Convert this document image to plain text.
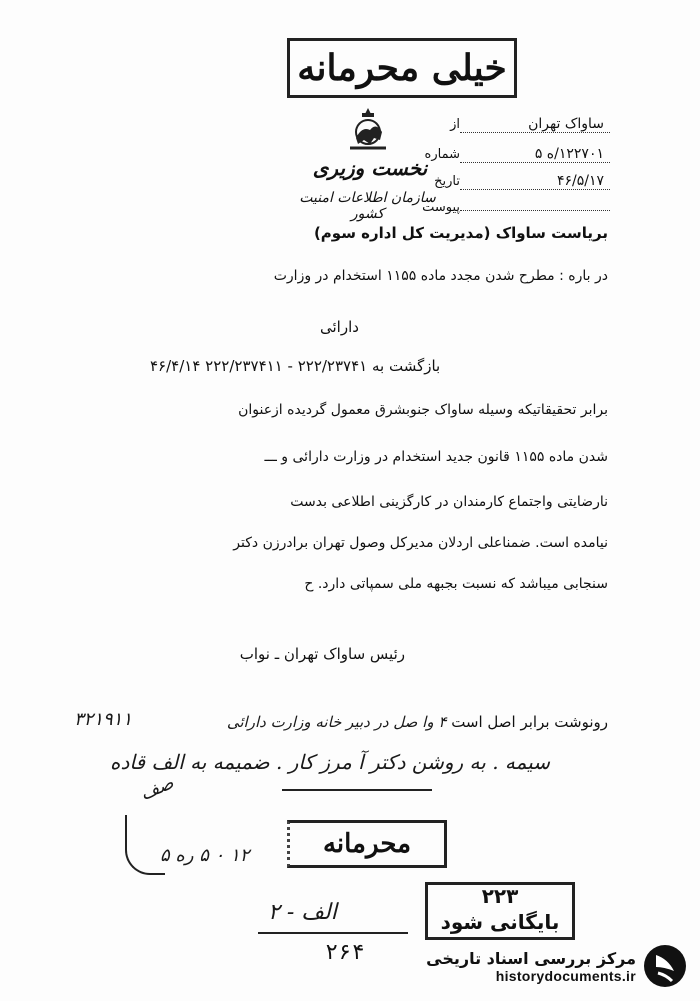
خیلی محرمانه
نخست وزیری
سازمان اطلاعات امنیت کشور
از	ساواک تهران
شماره	۱۲۲۷۰۱/ه ۵
تاریخ	۴۶/۵/۱۷
پیوست
بریاست ساواک (مدیریت کل اداره سوم)
در باره : مطرح شدن مجدد ماده ۱۱۵۵ استخدام در وزارت
دارائی
بازگشت به ۲۲۲/۲۳۷۴۱ - ۲۲۲/۲۳۷۴۱۱ ۴۶/۴/۱۴
برابر تحقیقاتیکه وسیله ساواک جنوبشرق معمول گردیده ازعنوان
شدن ماده ۱۱۵۵ قانون جدید استخدام در وزارت دارائی و ـــ
نارضایتی واجتماع کارمندان در کارگزینی اطلاعی بدست
نیامده است. ضمناعلی اردلان مدیرکل وصول تهران برادرزن دکتر
سنجابی میباشد که نسبت بجبهه ملی سمپاتی دارد. ح
رئیس ساواک تهران ـ نواب
رونوشت برابر اصل است ۴ وا صل در دبیر خانه وزارت دارائی
۳۲۱۹۱۱
سیمه . به روشن دکتر آ مرز کار . ضمیمه به الف قاده
صف
۱۲ ۰ ۵ ره ۵	محرمانه
۲۲۳
بایگانی شود
الف - ۲
۲۶۴	مرکز بررسی اسناد تاریخی
historydocuments.ir
